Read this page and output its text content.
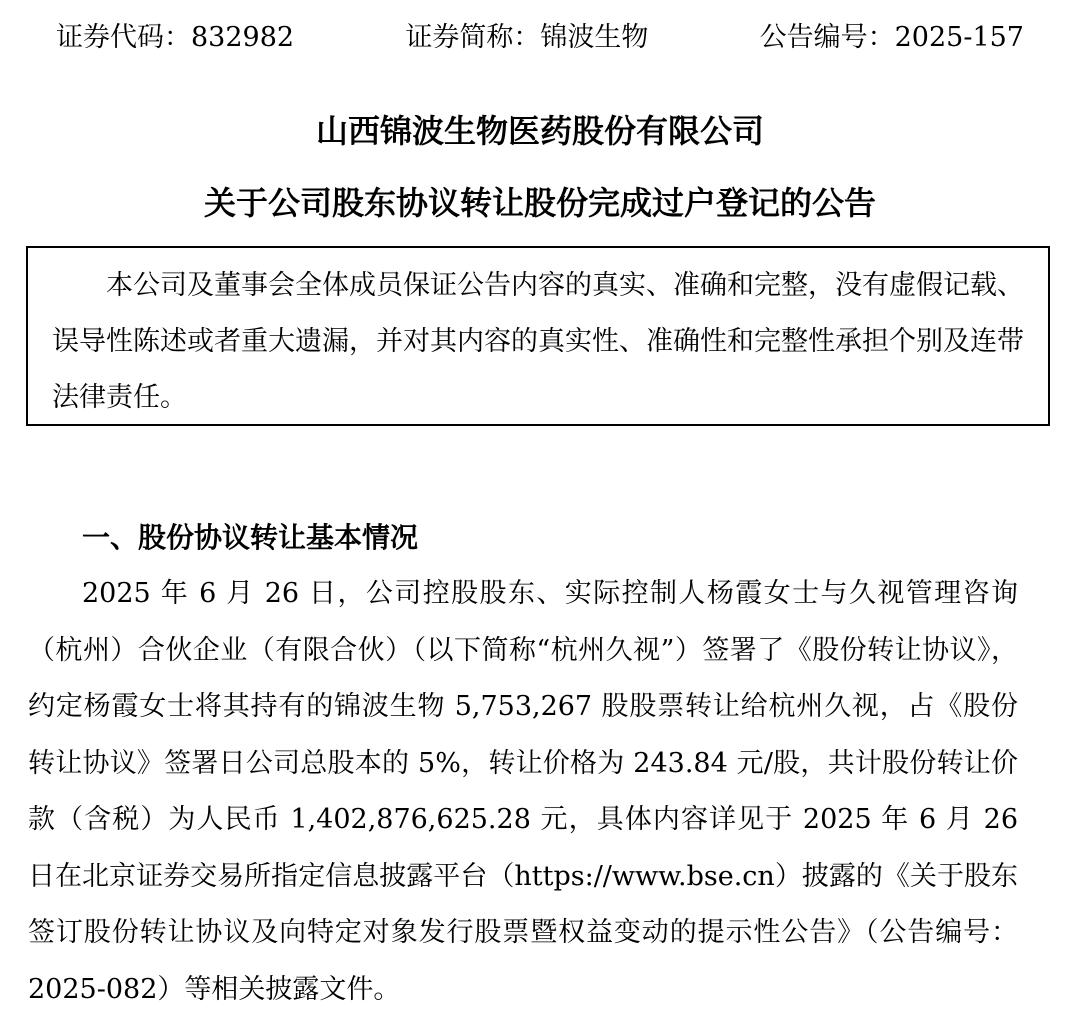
证券代码：832982	证券简称：锦波生物	公告编号：2025-157
山西锦波生物医药股份有限公司
关于公司股东协议转让股份完成过户登记的公告

本公司及董事会全体成员保证公告内容的真实、准确和完整，没有虚假记载、误导性陈述或者重大遗漏，并对其内容的真实性、准确性和完整性承担个别及连带法律责任。

一、股份协议转让基本情况

2025 年 6 月 26 日，公司控股股东、实际控制人杨霞女士与久视管理咨询（杭州）合伙企业（有限合伙）（以下简称“杭州久视”）签署了《股份转让协议》，约定杨霞女士将其持有的锦波生物 5,753,267 股股票转让给杭州久视，占《股份转让协议》签署日公司总股本的 5%，转让价格为 243.84 元/股，共计股份转让价款（含税）为人民币 1,402,876,625.28 元，具体内容详见于 2025 年 6 月 26 日在北京证券交易所指定信息披露平台（https://www.bse.cn）披露的《关于股东签订股份转让协议及向特定对象发行股票暨权益变动的提示性公告》（公告编号：2025-082）等相关披露文件。
